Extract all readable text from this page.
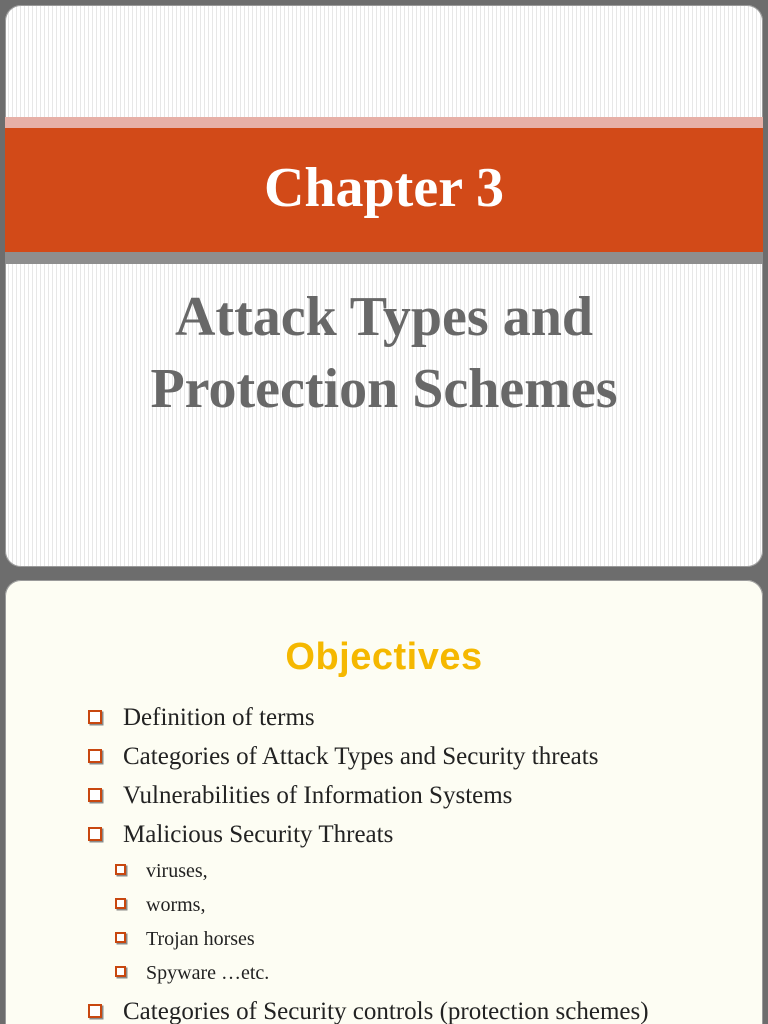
Chapter 3
Attack Types and
Protection Schemes
Objectives
Definition of terms
Categories of Attack Types and Security threats
Vulnerabilities of Information Systems
Malicious Security Threats
viruses,
worms,
Trojan horses
Spyware …etc.
Categories of Security controls (protection schemes)
